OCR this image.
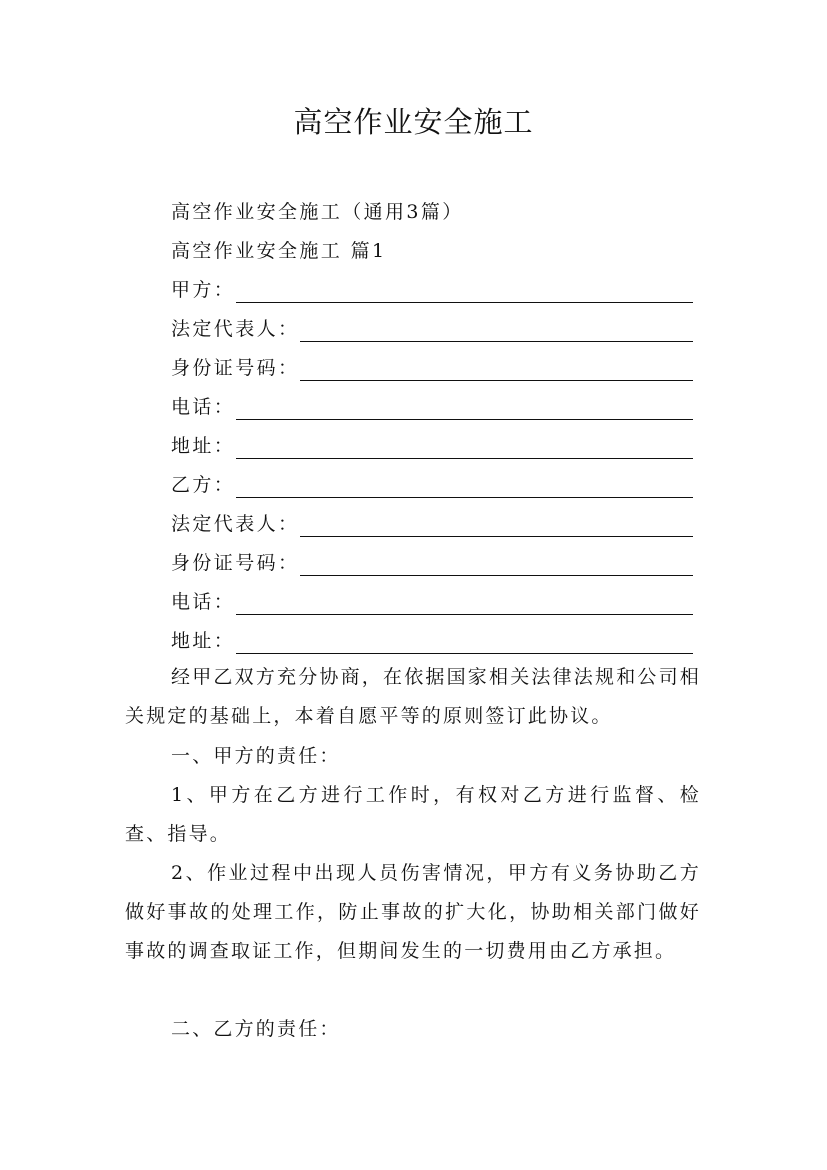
高空作业安全施工
高空作业安全施工（通用3篇）
高空作业安全施工 篇1
甲方：
法定代表人：
身份证号码：
电话：
地址：
乙方：
法定代表人：
身份证号码：
电话：
地址：
经甲乙双方充分协商，在依据国家相关法律法规和公司相关规定的基础上，本着自愿平等的原则签订此协议。
一、甲方的责任：
1、甲方在乙方进行工作时，有权对乙方进行监督、检查、指导。
2、作业过程中出现人员伤害情况，甲方有义务协助乙方做好事故的处理工作，防止事故的扩大化，协助相关部门做好事故的调查取证工作，但期间发生的一切费用由乙方承担。
二、乙方的责任：
